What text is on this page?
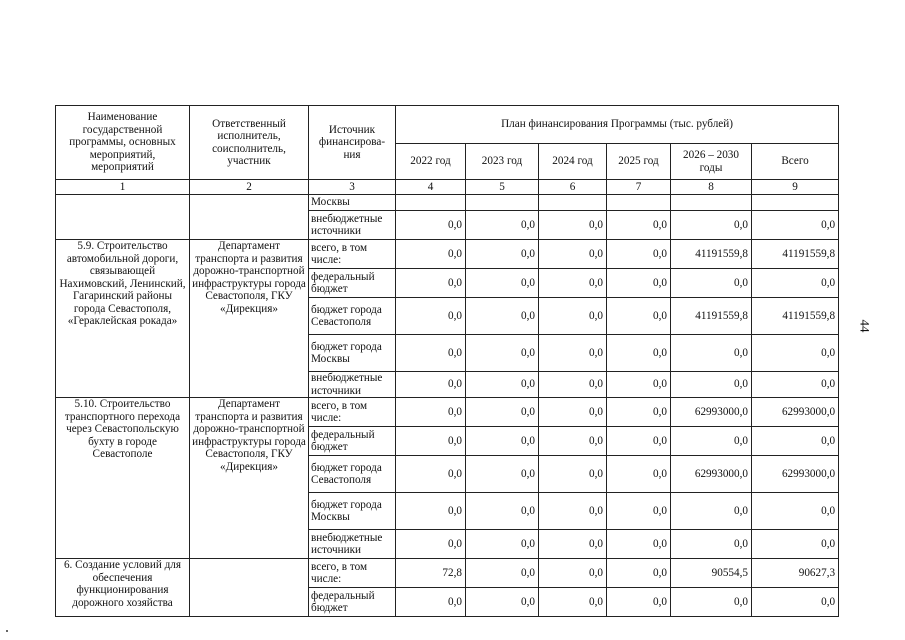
Наименование государственной программы, основных мероприятий, мероприятий	Ответственный исполнитель, соисполнитель, участник	Источник финансирова-ния	План финансирования Программы (тыс. рублей)					
			2022 год	2023 год	2024 год	2025 год	2026 – 2030 годы	Всего
1	2	3	4	5	6	7	8	9
		Москвы						
		внебюджетные источники	0,0	0,0	0,0	0,0	0,0	0,0
5.9. Строительство автомобильной дороги, связывающей Нахимовский, Ленинский, Гагаринский районы города Севастополя, «Гераклейская рокада»	Департамент транспорта и развития дорожно-транспортной инфраструктуры города Севастополя, ГКУ «Дирекция»	всего, в том числе:	0,0	0,0	0,0	0,0	41191559,8	41191559,8
		федеральный бюджет	0,0	0,0	0,0	0,0	0,0	0,0
		бюджет города Севастополя	0,0	0,0	0,0	0,0	41191559,8	41191559,8
		бюджет города Москвы	0,0	0,0	0,0	0,0	0,0	0,0
		внебюджетные источники	0,0	0,0	0,0	0,0	0,0	0,0
5.10. Строительство транспортного перехода через Севастопольскую бухту в городе Севастополе	Департамент транспорта и развития дорожно-транспортной инфраструктуры города Севастополя, ГКУ «Дирекция»	всего, в том числе:	0,0	0,0	0,0	0,0	62993000,0	62993000,0
		федеральный бюджет	0,0	0,0	0,0	0,0	0,0	0,0
		бюджет города Севастополя	0,0	0,0	0,0	0,0	62993000,0	62993000,0
		бюджет города Москвы	0,0	0,0	0,0	0,0	0,0	0,0
		внебюджетные источники	0,0	0,0	0,0	0,0	0,0	0,0
6. Создание условий для обеспечения функционирования дорожного хозяйства		всего, в том числе:	72,8	0,0	0,0	0,0	90554,5	90627,3
		федеральный бюджет	0,0	0,0	0,0	0,0	0,0	0,0
44
